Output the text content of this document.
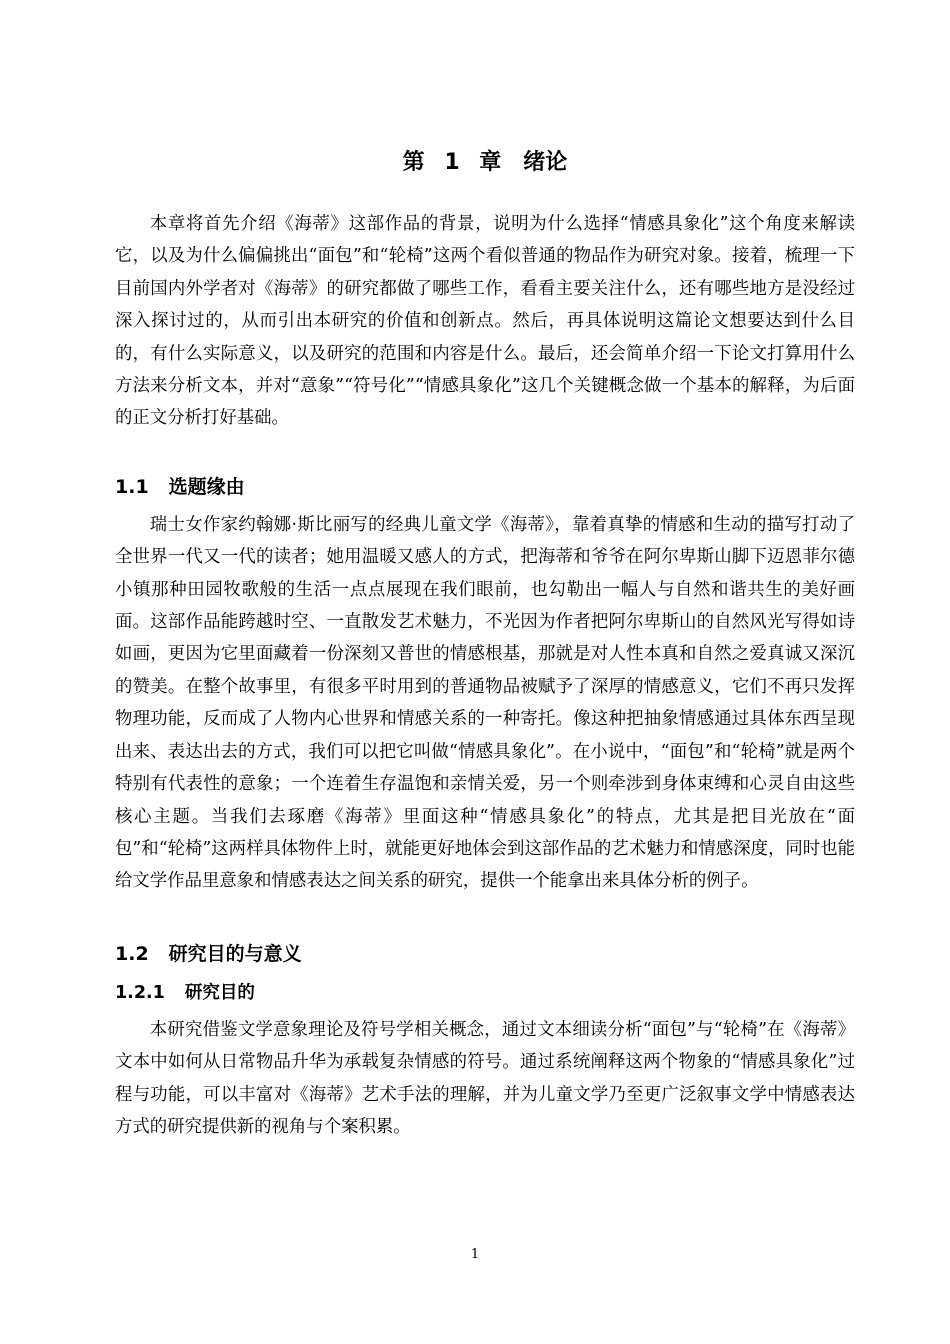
第 1 章　绪论

本章将首先介绍《海蒂》这部作品的背景，说明为什么选择“情感具象化”这个角度来解读它，以及为什么偏偏挑出“面包”和“轮椅”这两个看似普通的物品作为研究对象。接着，梳理一下目前国内外学者对《海蒂》的研究都做了哪些工作，看看主要关注什么，还有哪些地方是没经过深入探讨过的，从而引出本研究的价值和创新点。然后，再具体说明这篇论文想要达到什么目的，有什么实际意义，以及研究的范围和内容是什么。最后，还会简单介绍一下论文打算用什么方法来分析文本，并对“意象”“符号化”“情感具象化”这几个关键概念做一个基本的解释，为后面的正文分析打好基础。

1.1 选题缘由

瑞士女作家约翰娜·斯比丽写的经典儿童文学《海蒂》，靠着真挚的情感和生动的描写打动了全世界一代又一代的读者；她用温暖又感人的方式，把海蒂和爷爷在阿尔卑斯山脚下迈恩菲尔德小镇那种田园牧歌般的生活一点点展现在我们眼前，也勾勒出一幅人与自然和谐共生的美好画面。这部作品能跨越时空、一直散发艺术魅力，不光因为作者把阿尔卑斯山的自然风光写得如诗如画，更因为它里面藏着一份深刻又普世的情感根基，那就是对人性本真和自然之爱真诚又深沉的赞美。在整个故事里，有很多平时用到的普通物品被赋予了深厚的情感意义，它们不再只发挥物理功能，反而成了人物内心世界和情感关系的一种寄托。像这种把抽象情感通过具体东西呈现出来、表达出去的方式，我们可以把它叫做“情感具象化”。在小说中，“面包”和“轮椅”就是两个特别有代表性的意象；一个连着生存温饱和亲情关爱，另一个则牵涉到身体束缚和心灵自由这些核心主题。当我们去琢磨《海蒂》里面这种“情感具象化”的特点，尤其是把目光放在“面包”和“轮椅”这两样具体物件上时，就能更好地体会到这部作品的艺术魅力和情感深度，同时也能给文学作品里意象和情感表达之间关系的研究，提供一个能拿出来具体分析的例子。

1.2 研究目的与意义
1.2.1 研究目的

本研究借鉴文学意象理论及符号学相关概念，通过文本细读分析“面包”与“轮椅”在《海蒂》文本中如何从日常物品升华为承载复杂情感的符号。通过系统阐释这两个物象的“情感具象化”过程与功能，可以丰富对《海蒂》艺术手法的理解，并为儿童文学乃至更广泛叙事文学中情感表达方式的研究提供新的视角与个案积累。

1
